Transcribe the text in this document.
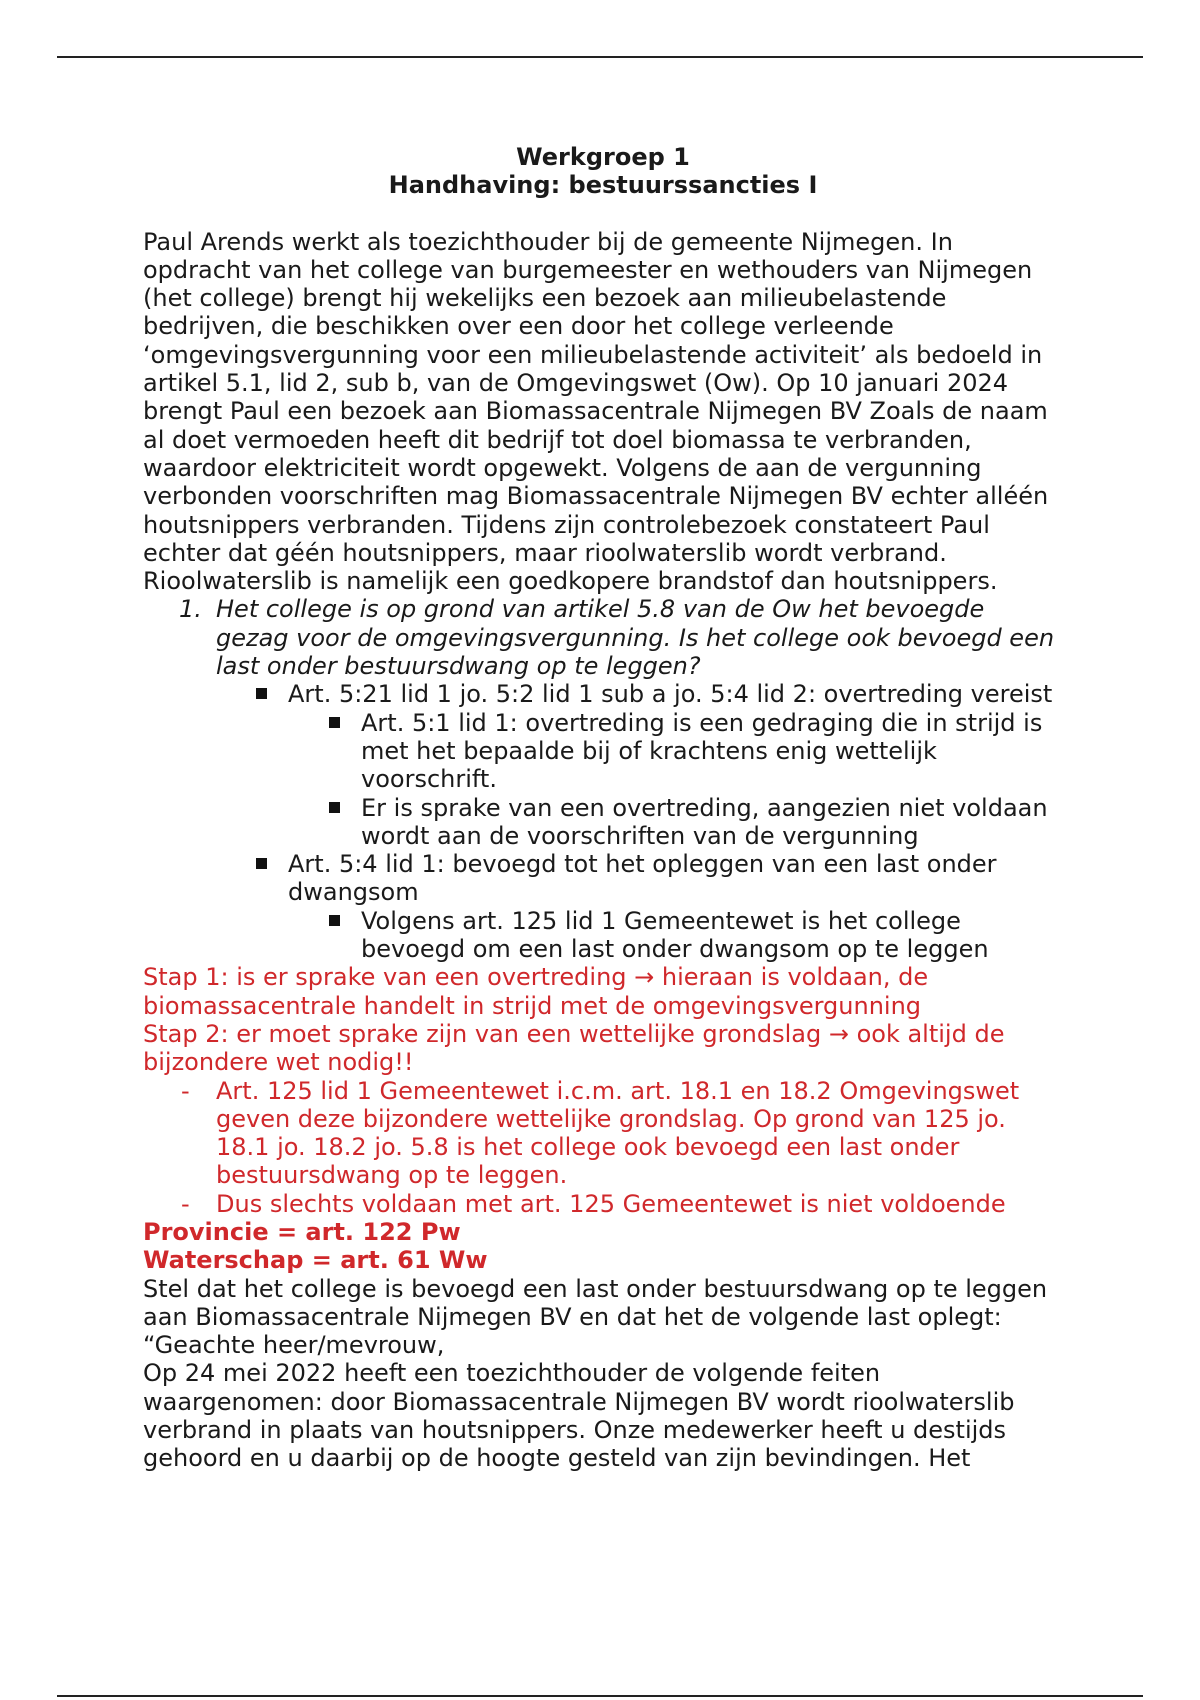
Werkgroep 1
Handhaving: bestuurssancties I

Paul Arends werkt als toezichthouder bij de gemeente Nijmegen. In opdracht van het college van burgemeester en wethouders van Nijmegen (het college) brengt hij wekelijks een bezoek aan milieubelastende bedrijven, die beschikken over een door het college verleende ‘omgevingsvergunning voor een milieubelastende activiteit’ als bedoeld in artikel 5.1, lid 2, sub b, van de Omgevingswet (Ow). Op 10 januari 2024 brengt Paul een bezoek aan Biomassacentrale Nijmegen BV Zoals de naam al doet vermoeden heeft dit bedrijf tot doel biomassa te verbranden, waardoor elektriciteit wordt opgewekt. Volgens de aan de vergunning verbonden voorschriften mag Biomassacentrale Nijmegen BV echter alléén houtsnippers verbranden. Tijdens zijn controlebezoek constateert Paul echter dat géén houtsnippers, maar rioolwaterslib wordt verbrand. Rioolwaterslib is namelijk een goedkopere brandstof dan houtsnippers.

1. Het college is op grond van artikel 5.8 van de Ow het bevoegde gezag voor de omgevingsvergunning. Is het college ook bevoegd een last onder bestuursdwang op te leggen?
Art. 5:21 lid 1 jo. 5:2 lid 1 sub a jo. 5:4 lid 2: overtreding vereist
Art. 5:1 lid 1: overtreding is een gedraging die in strijd is met het bepaalde bij of krachtens enig wettelijk voorschrift.
Er is sprake van een overtreding, aangezien niet voldaan wordt aan de voorschriften van de vergunning
Art. 5:4 lid 1: bevoegd tot het opleggen van een last onder dwangsom
Volgens art. 125 lid 1 Gemeentewet is het college bevoegd om een last onder dwangsom op te leggen

Stap 1: is er sprake van een overtreding → hieraan is voldaan, de biomassacentrale handelt in strijd met de omgevingsvergunning

Stap 2: er moet sprake zijn van een wettelijke grondslag → ook altijd de bijzondere wet nodig!!

- Art. 125 lid 1 Gemeentewet i.c.m. art. 18.1 en 18.2 Omgevingswet geven deze bijzondere wettelijke grondslag. Op grond van 125 jo. 18.1 jo. 18.2 jo. 5.8 is het college ook bevoegd een last onder bestuursdwang op te leggen.
- Dus slechts voldaan met art. 125 Gemeentewet is niet voldoende

Provincie = art. 122 Pw

Waterschap = art. 61 Ww

Stel dat het college is bevoegd een last onder bestuursdwang op te leggen aan Biomassacentrale Nijmegen BV en dat het de volgende last oplegt:

“Geachte heer/mevrouw,

Op 24 mei 2022 heeft een toezichthouder de volgende feiten waargenomen: door Biomassacentrale Nijmegen BV wordt rioolwaterslib verbrand in plaats van houtsnippers. Onze medewerker heeft u destijds gehoord en u daarbij op de hoogte gesteld van zijn bevindingen. Het
